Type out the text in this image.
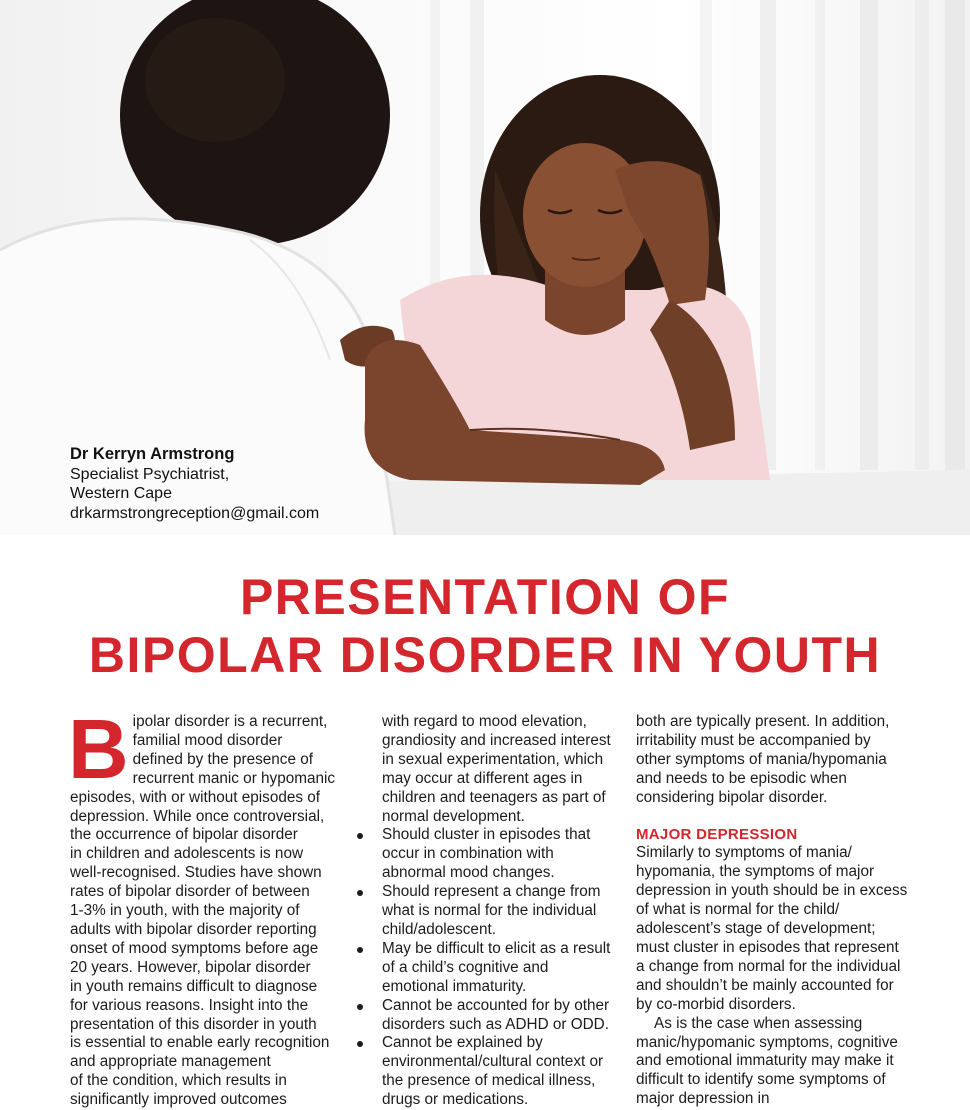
Dr Kerryn Armstrong
Specialist Psychiatrist,
Western Cape
drkarmstrongreception@gmail.com
PRESENTATION OF
BIPOLAR DISORDER IN YOUTH
B ipolar disorder is a recurrent,
familial mood disorder
defined by the presence of
recurrent manic or hypomanic
episodes, with or without episodes of
depression. While once controversial,
the occurrence of bipolar disorder
in children and adolescents is now
well-recognised. Studies have shown
rates of bipolar disorder of between
1-3% in youth, with the majority of
adults with bipolar disorder reporting
onset of mood symptoms before age
20 years. However, bipolar disorder
in youth remains difficult to diagnose
for various reasons. Insight into the
presentation of this disorder in youth
is essential to enable early recognition
and appropriate management
of the condition, which results in
significantly improved outcomes

with regard to mood elevation, grandiosity and increased interest in sexual experimentation, which may occur at different ages in children and teenagers as part of normal development.

Should cluster in episodes that occur in combination with abnormal mood changes.
Should represent a change from what is normal for the individual child/adolescent.
May be difficult to elicit as a result of a child’s cognitive and emotional immaturity.
Cannot be accounted for by other disorders such as ADHD or ODD.
Cannot be explained by environmental/cultural context or the presence of medical illness, drugs or medications.

both are typically present. In addition, irritability must be accompanied by other symptoms of mania/hypomania and needs to be episodic when considering bipolar disorder.

MAJOR DEPRESSION

Similarly to symptoms of mania/ hypomania, the symptoms of major depression in youth should be in excess of what is normal for the child/ adolescent’s stage of development; must cluster in episodes that represent a change from normal for the individual and shouldn’t be mainly accounted for by co-morbid disorders.

As is the case when assessing manic/hypomanic symptoms, cognitive and emotional immaturity may make it difficult to identify some symptoms of major depression in
